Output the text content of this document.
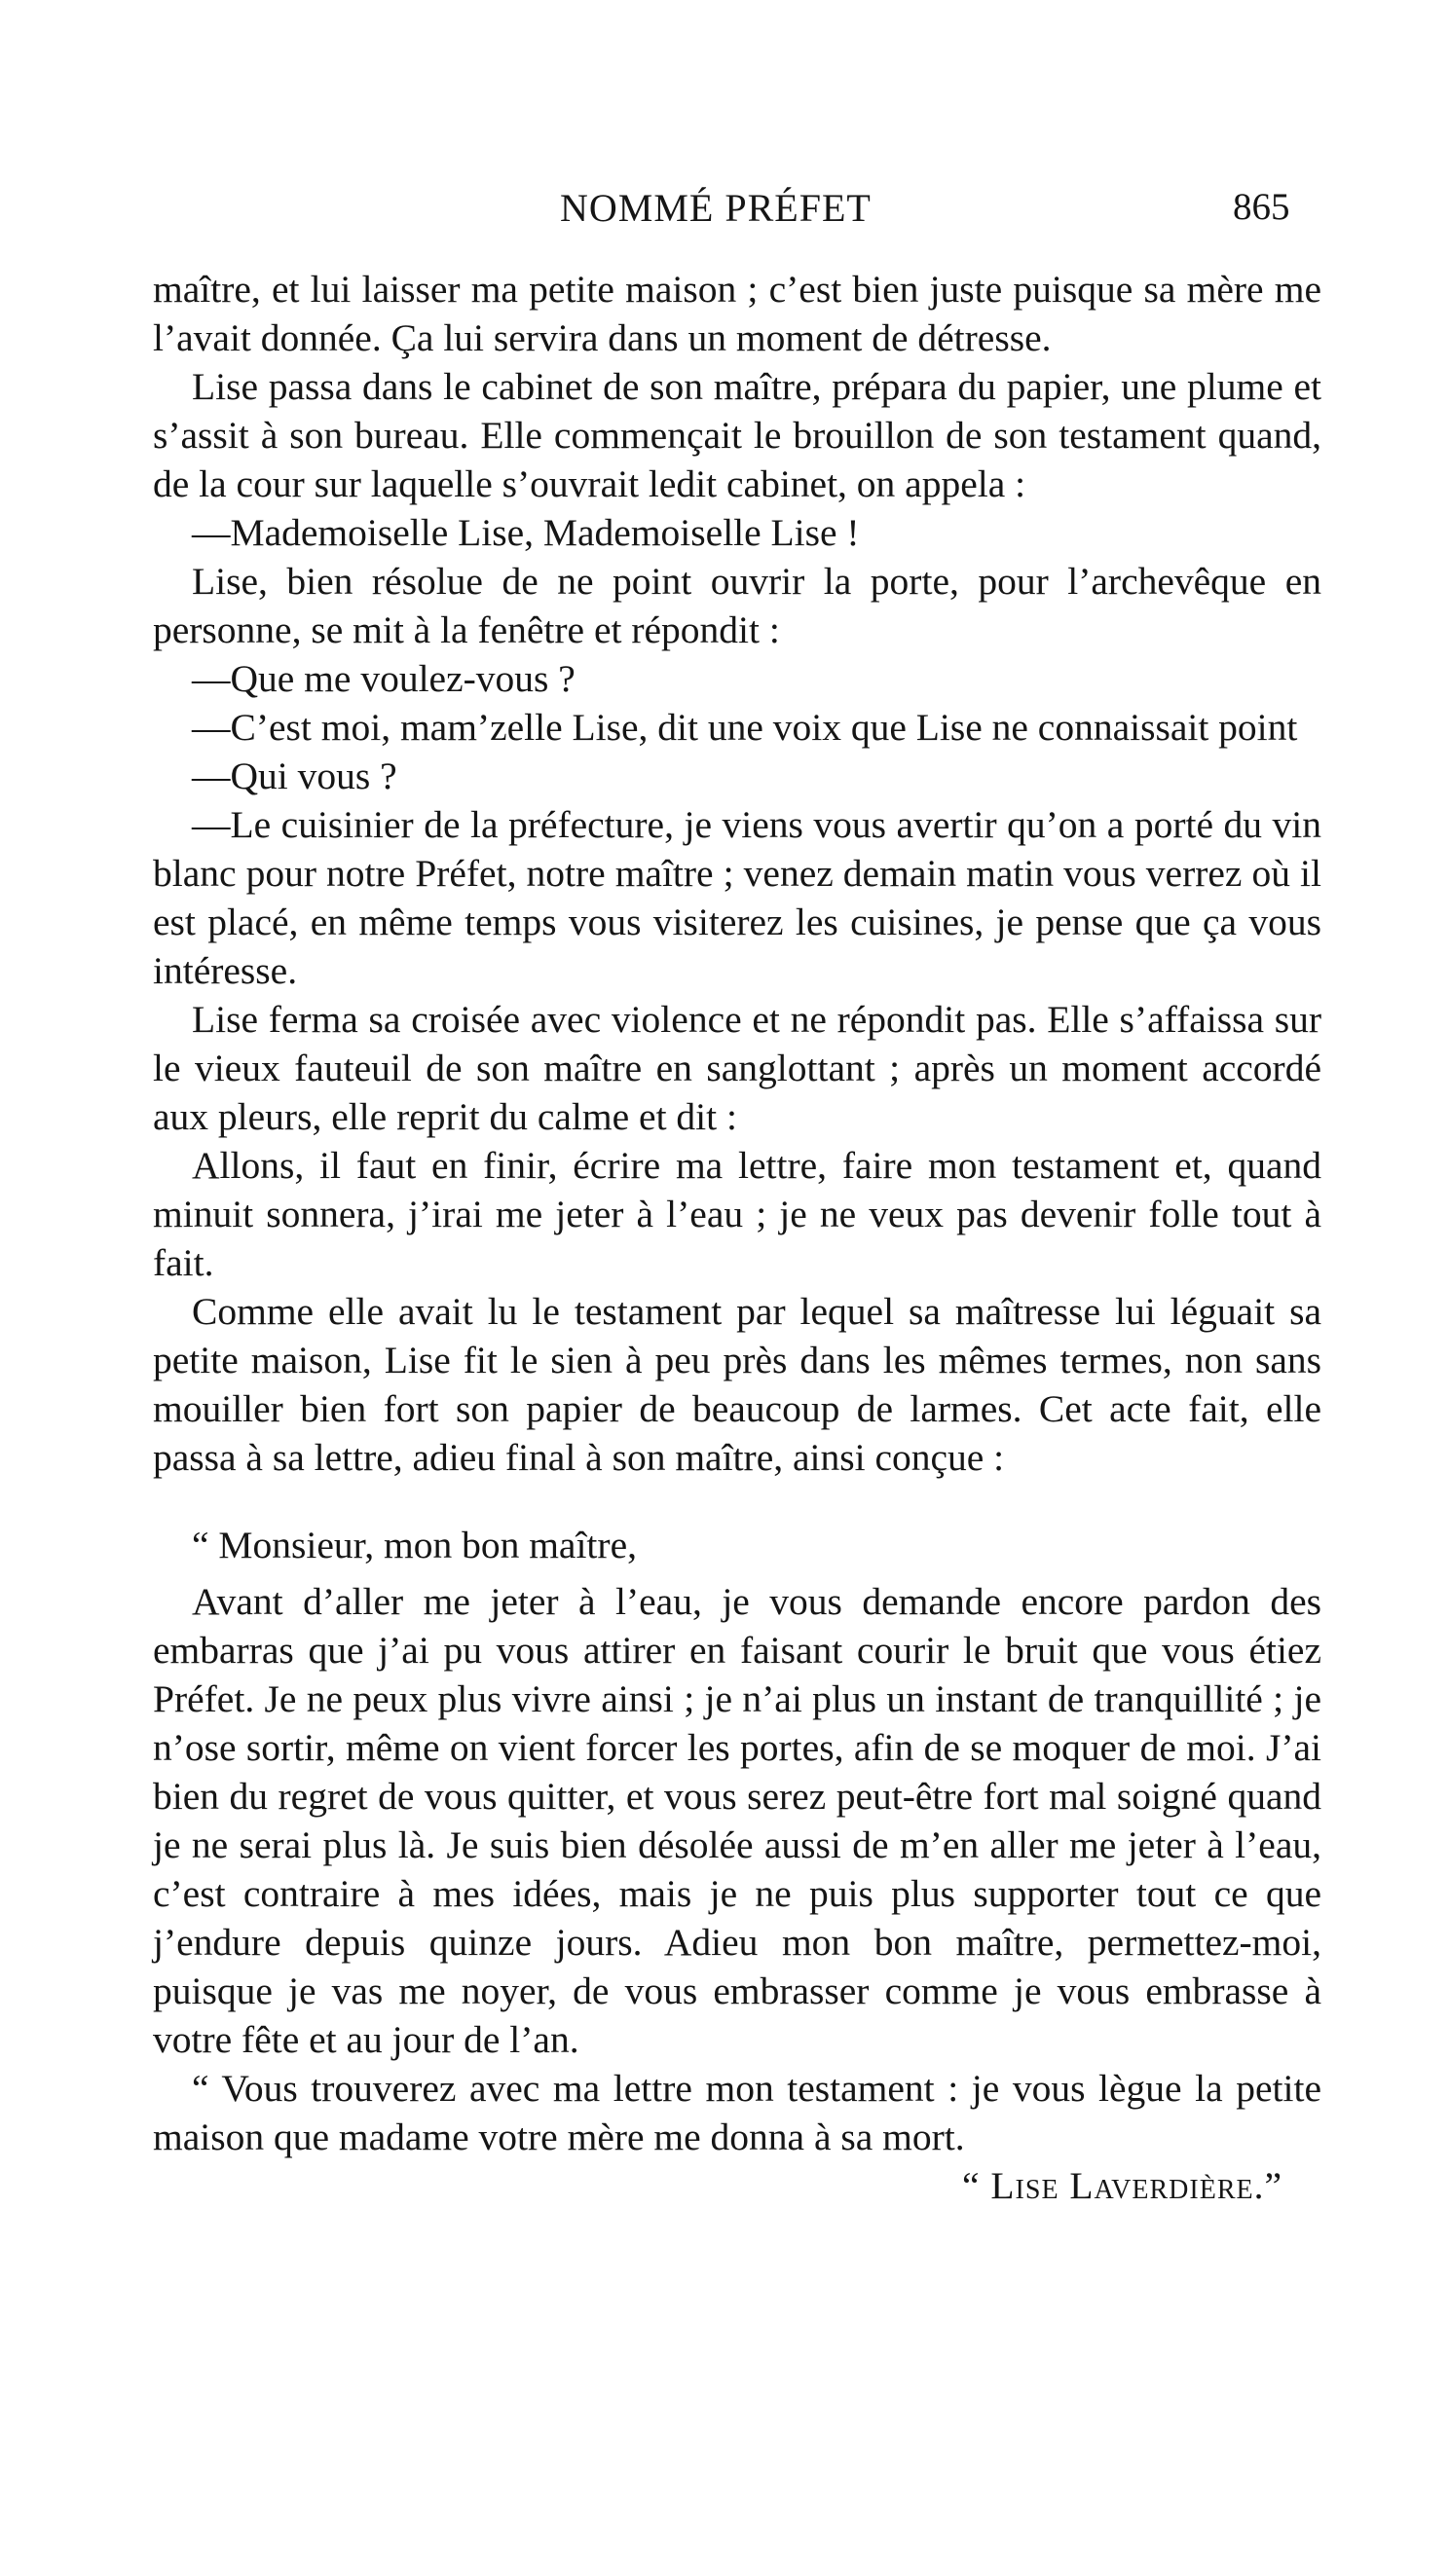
NOMMÉ PRÉFET	865

maître, et lui laisser ma petite maison ; c’est bien juste puisque sa mère me l’avait donnée. Ça lui servira dans un moment de détresse.

Lise passa dans le cabinet de son maître, prépara du papier, une plume et s’assit à son bureau. Elle commençait le brouillon de son testament quand, de la cour sur laquelle s’ouvrait ledit cabinet, on appela :

—Mademoiselle Lise, Mademoiselle Lise !

Lise, bien résolue de ne point ouvrir la porte, pour l’archevêque en personne, se mit à la fenêtre et répondit :

—Que me voulez-vous ?

—C’est moi, mam’zelle Lise, dit une voix que Lise ne connaissait point

—Qui vous ?

—Le cuisinier de la préfecture, je viens vous avertir qu’on a porté du vin blanc pour notre Préfet, notre maître ; venez demain matin vous verrez où il est placé, en même temps vous visiterez les cuisines, je pense que ça vous intéresse.

Lise ferma sa croisée avec violence et ne répondit pas. Elle s’affaissa sur le vieux fauteuil de son maître en sanglottant ; après un moment accordé aux pleurs, elle reprit du calme et dit :

Allons, il faut en finir, écrire ma lettre, faire mon testament et, quand minuit sonnera, j’irai me jeter à l’eau ; je ne veux pas devenir folle tout à fait.

Comme elle avait lu le testament par lequel sa maîtresse lui léguait sa petite maison, Lise fit le sien à peu près dans les mêmes termes, non sans mouiller bien fort son papier de beaucoup de larmes. Cet acte fait, elle passa à sa lettre, adieu final à son maître, ainsi conçue :

“ Monsieur, mon bon maître,

Avant d’aller me jeter à l’eau, je vous demande encore pardon des embarras que j’ai pu vous attirer en faisant courir le bruit que vous étiez Préfet. Je ne peux plus vivre ainsi ; je n’ai plus un instant de tranquillité ; je n’ose sortir, même on vient forcer les portes, afin de se moquer de moi. J’ai bien du regret de vous quitter, et vous serez peut-être fort mal soigné quand je ne serai plus là. Je suis bien désolée aussi de m’en aller me jeter à l’eau, c’est contraire à mes idées, mais je ne puis plus supporter tout ce que j’endure depuis quinze jours. Adieu mon bon maître, permettez-moi, puisque je vas me noyer, de vous embrasser comme je vous embrasse à votre fête et au jour de l’an.

“ Vous trouverez avec ma lettre mon testament : je vous lègue la petite maison que madame votre mère me donna à sa mort.

“ Lise Laverdière.”
